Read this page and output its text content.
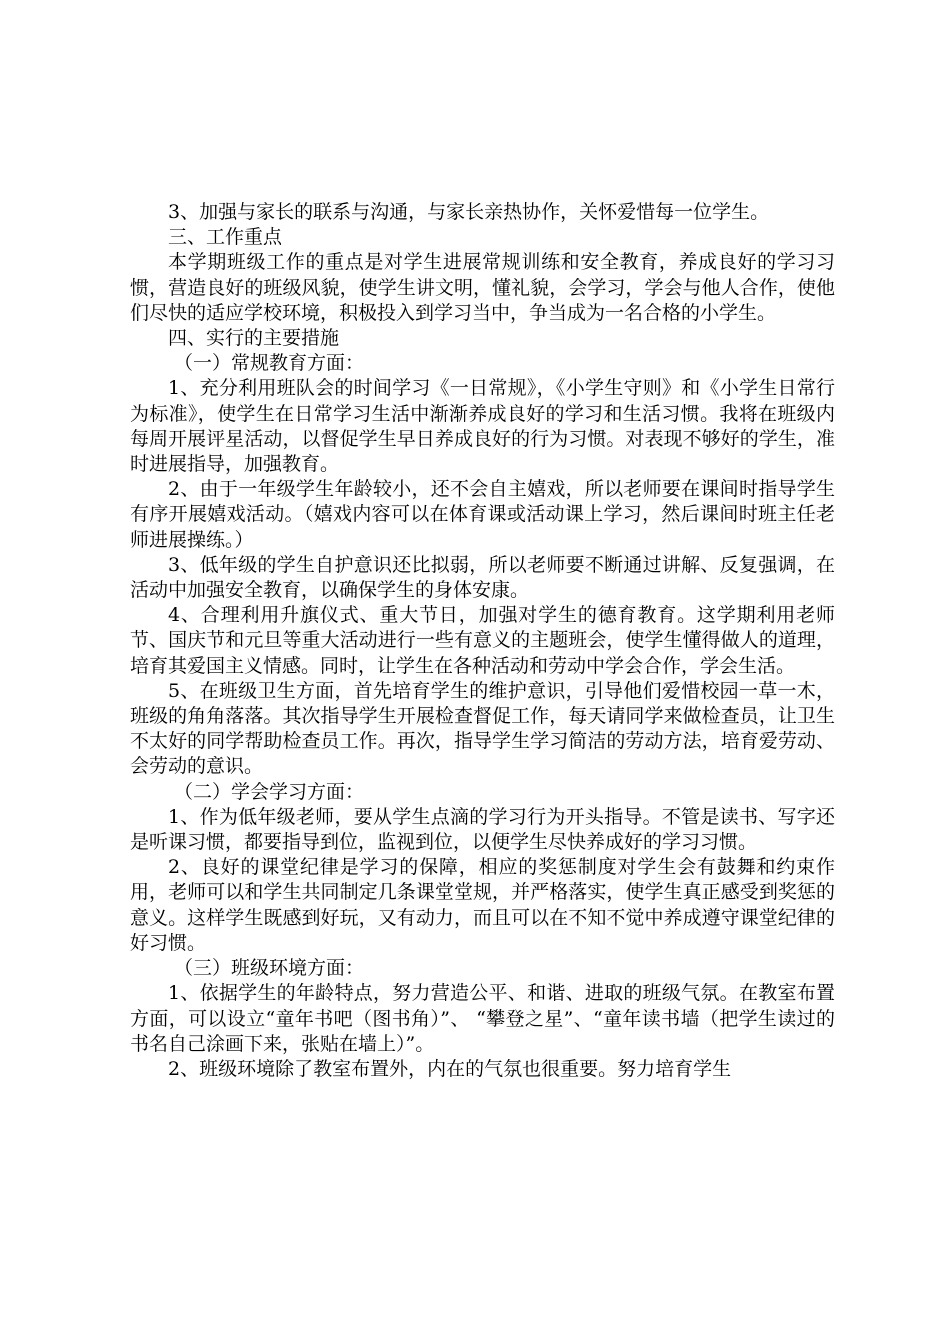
3、加强与家长的联系与沟通，与家长亲热协作，关怀爱惜每一位学生。

三、工作重点

本学期班级工作的重点是对学生进展常规训练和安全教育，养成良好的学习习惯，营造良好的班级风貌，使学生讲文明，懂礼貌，会学习，学会与他人合作，使他们尽快的适应学校环境，积极投入到学习当中，争当成为一名合格的小学生。

四、实行的主要措施

（一）常规教育方面：

1、充分利用班队会的时间学习《一日常规》，《小学生守则》和《小学生日常行为标准》，使学生在日常学习生活中渐渐养成良好的学习和生活习惯。我将在班级内每周开展评星活动，以督促学生早日养成良好的行为习惯。对表现不够好的学生，准时进展指导，加强教育。

2、由于一年级学生年龄较小，还不会自主嬉戏，所以老师要在课间时指导学生有序开展嬉戏活动。（嬉戏内容可以在体育课或活动课上学习，然后课间时班主任老师进展操练。）

3、低年级的学生自护意识还比拟弱，所以老师要不断通过讲解、反复强调，在活动中加强安全教育，以确保学生的身体安康。

4、合理利用升旗仪式、重大节日，加强对学生的德育教育。这学期利用老师节、国庆节和元旦等重大活动进行一些有意义的主题班会，使学生懂得做人的道理，培育其爱国主义情感。同时，让学生在各种活动和劳动中学会合作，学会生活。

5、在班级卫生方面，首先培育学生的维护意识，引导他们爱惜校园一草一木，班级的角角落落。其次指导学生开展检查督促工作，每天请同学来做检查员，让卫生不太好的同学帮助检查员工作。再次，指导学生学习简洁的劳动方法，培育爱劳动、会劳动的意识。

（二）学会学习方面：

1、作为低年级老师，要从学生点滴的学习行为开头指导。不管是读书、写字还是听课习惯，都要指导到位，监视到位，以便学生尽快养成好的学习习惯。

2、良好的课堂纪律是学习的保障，相应的奖惩制度对学生会有鼓舞和约束作用，老师可以和学生共同制定几条课堂堂规，并严格落实，使学生真正感受到奖惩的意义。这样学生既感到好玩，又有动力，而且可以在不知不觉中养成遵守课堂纪律的好习惯。

（三）班级环境方面：

1、依据学生的年龄特点，努力营造公平、和谐、进取的班级气氛。在教室布置方面，可以设立“童年书吧（图书角）”、 “攀登之星”、“童年读书墙（把学生读过的书名自己涂画下来，张贴在墙上）”。

2、班级环境除了教室布置外，内在的气氛也很重要。努力培育学生
